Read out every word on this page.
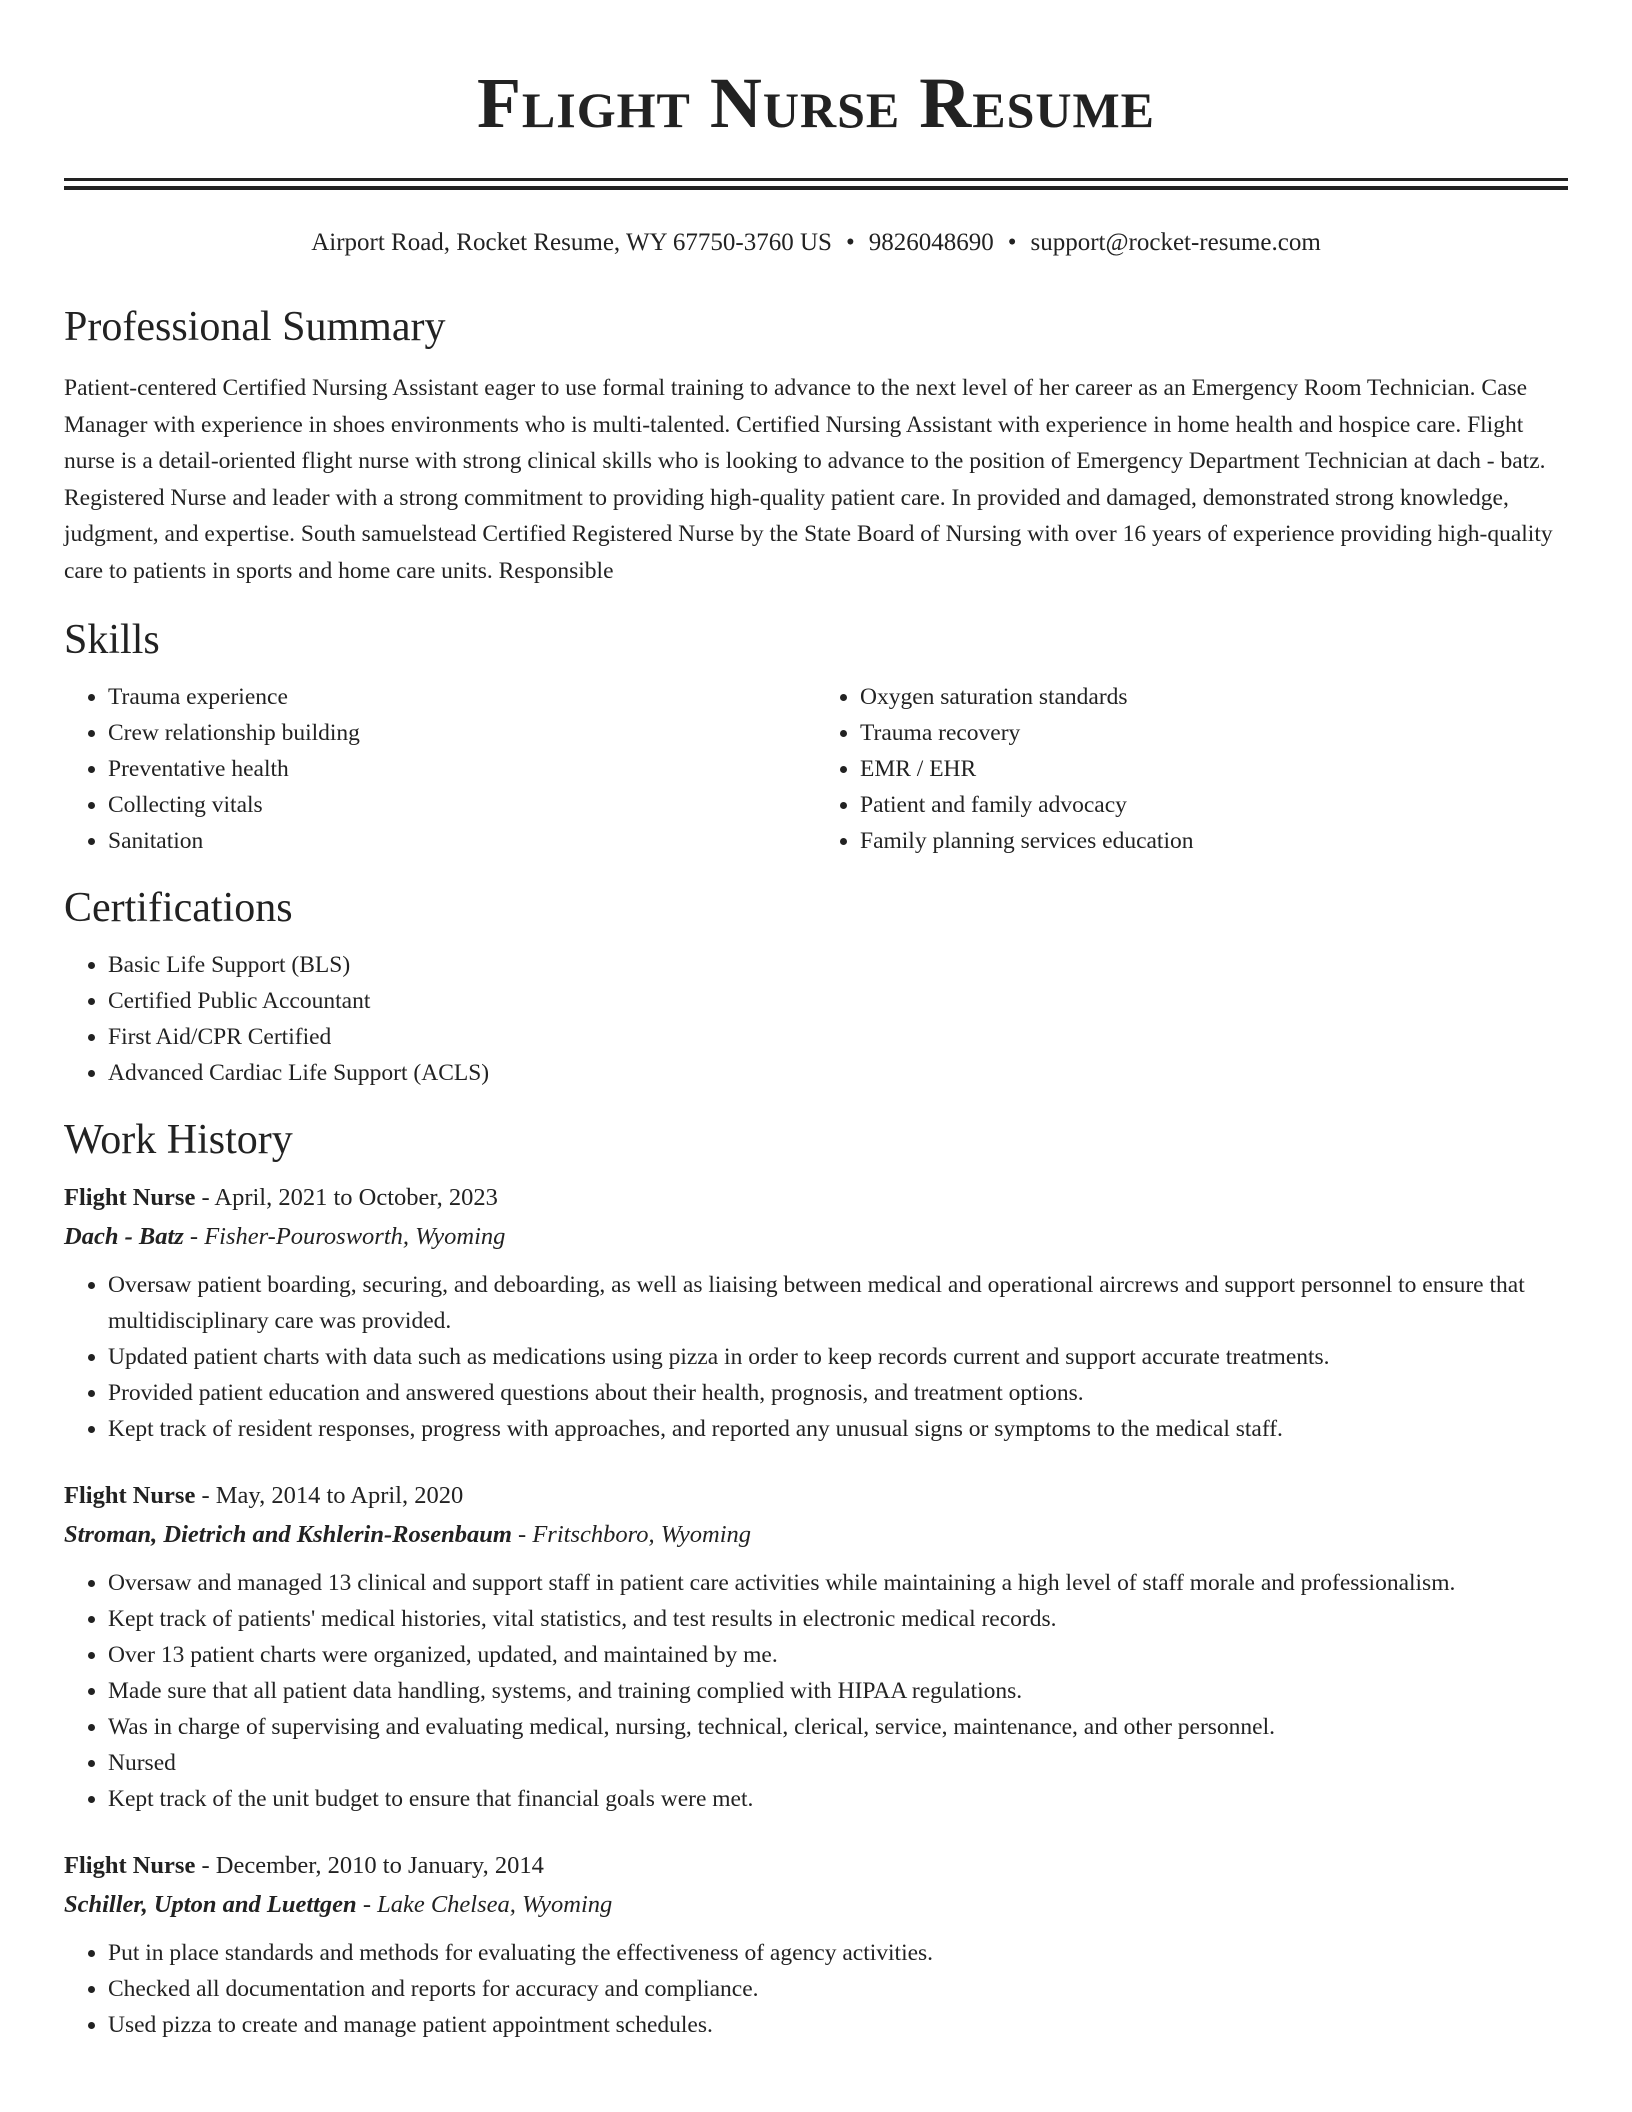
Flight Nurse Resume
Airport Road, Rocket Resume, WY 67750-3760 US • 9826048690 • support@rocket-resume.com
Professional Summary

Patient-centered Certified Nursing Assistant eager to use formal training to advance to the next level of her career as an Emergency Room Technician. Case Manager with experience in shoes environments who is multi-talented. Certified Nursing Assistant with experience in home health and hospice care. Flight nurse is a detail-oriented flight nurse with strong clinical skills who is looking to advance to the position of Emergency Department Technician at dach - batz. Registered Nurse and leader with a strong commitment to providing high-quality patient care. In provided and damaged, demonstrated strong knowledge, judgment, and expertise. South samuelstead Certified Registered Nurse by the State Board of Nursing with over 16 years of experience providing high-quality care to patients in sports and home care units. Responsible

Skills
• Trauma experience
• Crew relationship building
• Preventative health
• Collecting vitals
• Sanitation
• Oxygen saturation standards
• Trauma recovery
• EMR / EHR
• Patient and family advocacy
• Family planning services education
Certifications
• Basic Life Support (BLS)
• Certified Public Accountant
• First Aid/CPR Certified
• Advanced Cardiac Life Support (ACLS)
Work History
Flight Nurse - April, 2021 to October, 2023
Dach - Batz - Fisher-Pourosworth, Wyoming
• Oversaw patient boarding, securing, and deboarding, as well as liaising between medical and operational aircrews and support personnel to ensure that multidisciplinary care was provided.
• Updated patient charts with data such as medications using pizza in order to keep records current and support accurate treatments.
• Provided patient education and answered questions about their health, prognosis, and treatment options.
• Kept track of resident responses, progress with approaches, and reported any unusual signs or symptoms to the medical staff.
Flight Nurse - May, 2014 to April, 2020
Stroman, Dietrich and Kshlerin-Rosenbaum - Fritschboro, Wyoming
• Oversaw and managed 13 clinical and support staff in patient care activities while maintaining a high level of staff morale and professionalism.
• Kept track of patients' medical histories, vital statistics, and test results in electronic medical records.
• Over 13 patient charts were organized, updated, and maintained by me.
• Made sure that all patient data handling, systems, and training complied with HIPAA regulations.
• Was in charge of supervising and evaluating medical, nursing, technical, clerical, service, maintenance, and other personnel.
• Nursed
• Kept track of the unit budget to ensure that financial goals were met.
Flight Nurse - December, 2010 to January, 2014
Schiller, Upton and Luettgen - Lake Chelsea, Wyoming
• Put in place standards and methods for evaluating the effectiveness of agency activities.
• Checked all documentation and reports for accuracy and compliance.
• Used pizza to create and manage patient appointment schedules.
